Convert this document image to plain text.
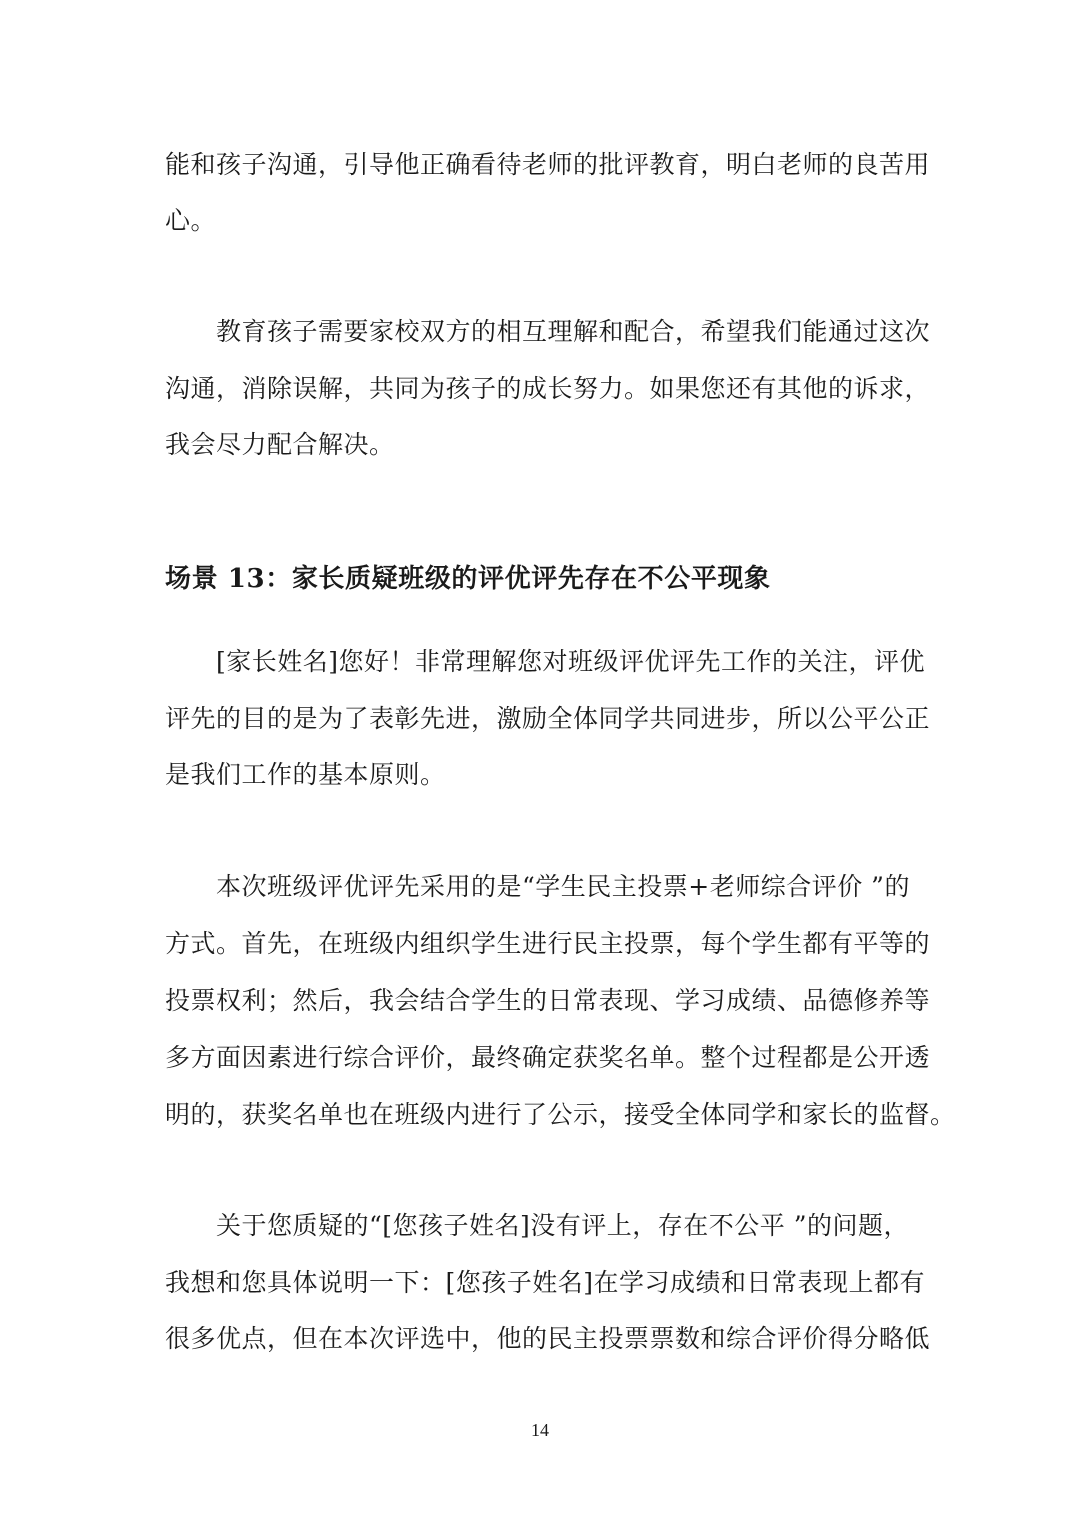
能和孩子沟通，引导他正确看待老师的批评教育，明白老师的良苦用
心。
教育孩子需要家校双方的相互理解和配合，希望我们能通过这次
沟通，消除误解，共同为孩子的成长努力。如果您还有其他的诉求，
我会尽力配合解决。
场景 13：家长质疑班级的评优评先存在不公平现象
[家长姓名]您好！非常理解您对班级评优评先工作的关注，评优
评先的目的是为了表彰先进，激励全体同学共同进步，所以公平公正
是我们工作的基本原则。
本次班级评优评先采用的是“学生民主投票+老师综合评价 ”的
方式。首先，在班级内组织学生进行民主投票，每个学生都有平等的
投票权利；然后，我会结合学生的日常表现、学习成绩、品德修养等
多方面因素进行综合评价，最终确定获奖名单。整个过程都是公开透
明的，获奖名单也在班级内进行了公示，接受全体同学和家长的监督。
关于您质疑的“[您孩子姓名]没有评上，存在不公平 ”的问题，
我想和您具体说明一下：[您孩子姓名]在学习成绩和日常表现上都有
很多优点，但在本次评选中，他的民主投票票数和综合评价得分略低
14
